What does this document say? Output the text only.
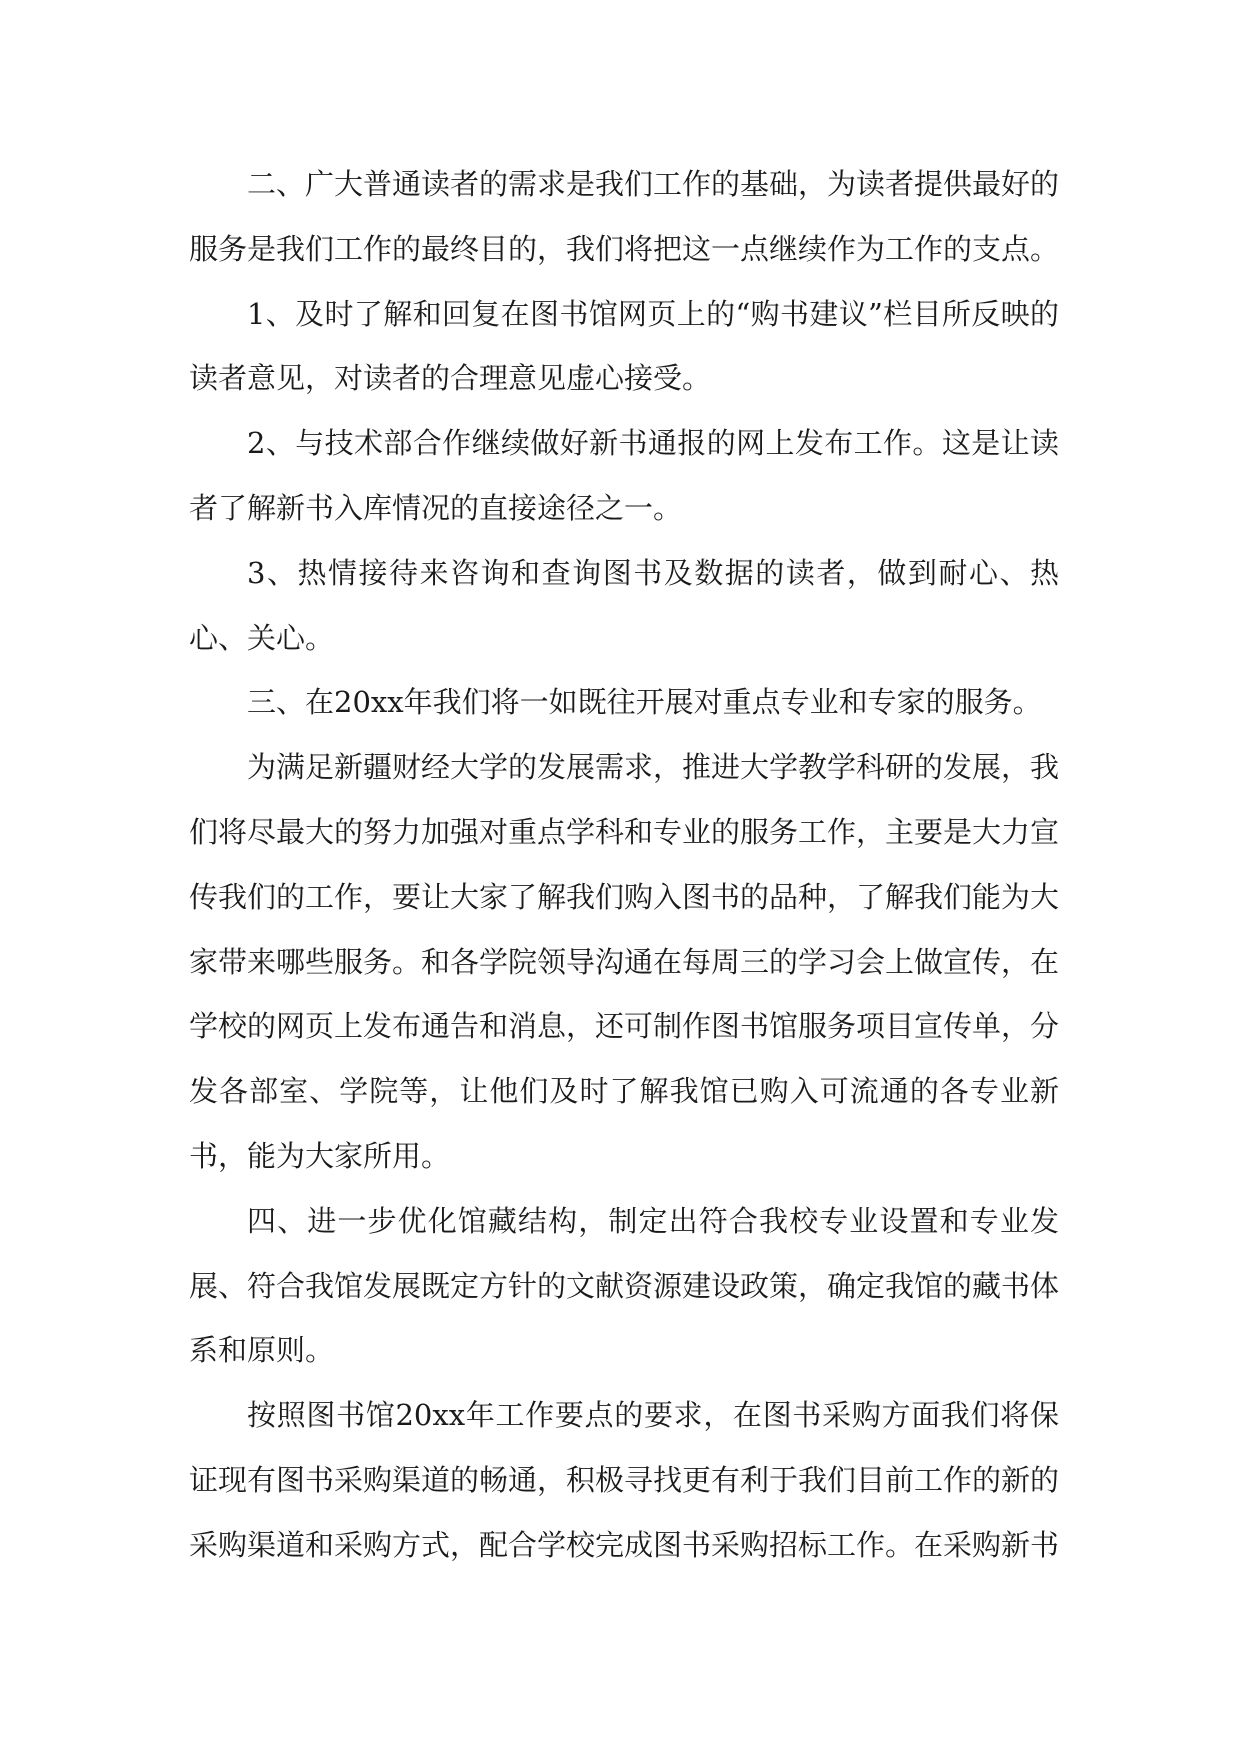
二、广大普通读者的需求是我们工作的基础，为读者提供最好的服务是我们工作的最终目的，我们将把这一点继续作为工作的支点。

1、及时了解和回复在图书馆网页上的“购书建议”栏目所反映的读者意见，对读者的合理意见虚心接受。

2、与技术部合作继续做好新书通报的网上发布工作。这是让读者了解新书入库情况的直接途径之一。

3、热情接待来咨询和查询图书及数据的读者，做到耐心、热心、关心。

三、在20xx年我们将一如既往开展对重点专业和专家的服务。

为满足新疆财经大学的发展需求，推进大学教学科研的发展，我们将尽最大的努力加强对重点学科和专业的服务工作，主要是大力宣传我们的工作，要让大家了解我们购入图书的品种，了解我们能为大家带来哪些服务。和各学院领导沟通在每周三的学习会上做宣传，在学校的网页上发布通告和消息，还可制作图书馆服务项目宣传单，分发各部室、学院等，让他们及时了解我馆已购入可流通的各专业新书，能为大家所用。

四、进一步优化馆藏结构，制定出符合我校专业设置和专业发展、符合我馆发展既定方针的文献资源建设政策，确定我馆的藏书体系和原则。

按照图书馆20xx年工作要点的要求，在图书采购方面我们将保证现有图书采购渠道的畅通，积极寻找更有利于我们目前工作的新的采购渠道和采购方式，配合学校完成图书采购招标工作。在采购新书
